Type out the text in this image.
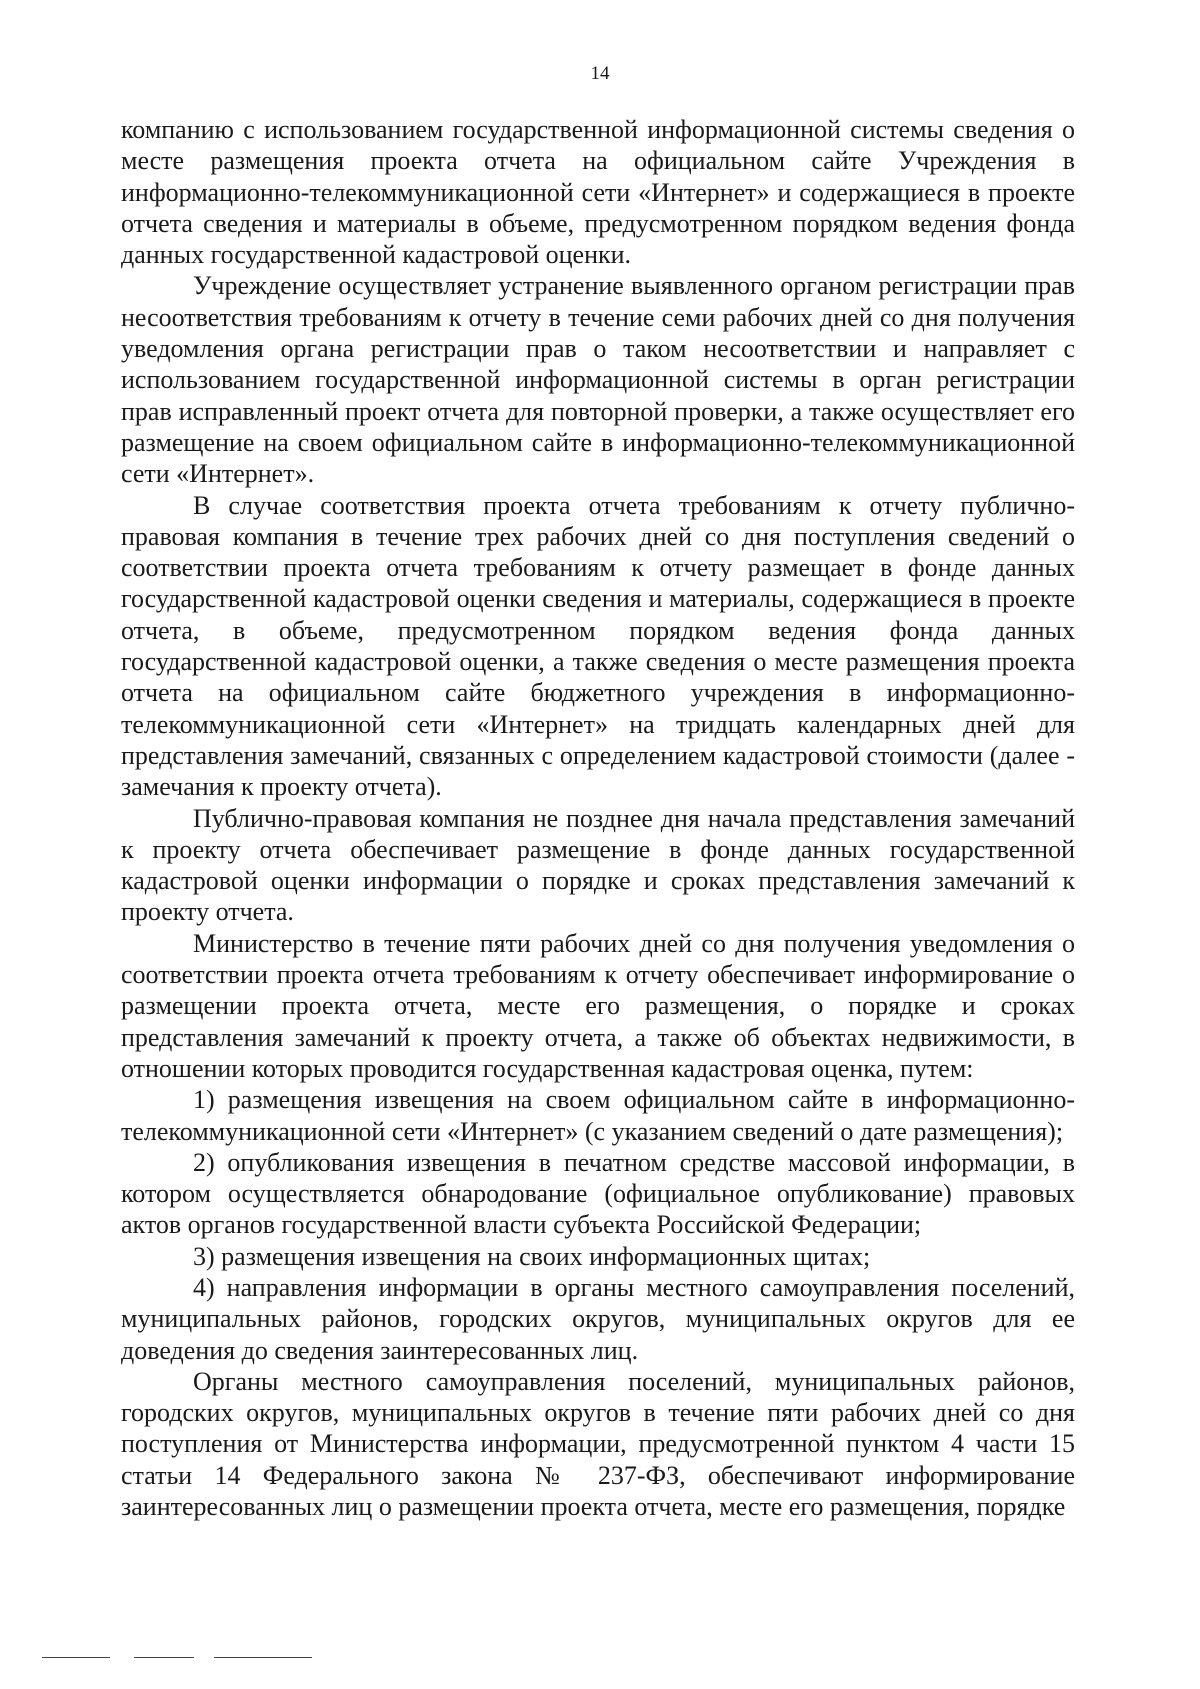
14

компанию с использованием государственной информационной системы сведения о месте размещения проекта отчета на официальном сайте Учреждения в информационно-телекоммуникационной сети «Интернет» и содержащиеся в проекте отчета сведения и материалы в объеме, предусмотренном порядком ведения фонда данных государственной кадастровой оценки.

Учреждение осуществляет устранение выявленного органом регистрации прав несоответствия требованиям к отчету в течение семи рабочих дней со дня получения уведомления органа регистрации прав о таком несоответствии и направляет с использованием государственной информационной системы в орган регистрации прав исправленный проект отчета для повторной проверки, а также осуществляет его размещение на своем официальном сайте в информационно-телекоммуникационной сети «Интернет».

В случае соответствия проекта отчета требованиям к отчету публично-правовая компания в течение трех рабочих дней со дня поступления сведений о соответствии проекта отчета требованиям к отчету размещает в фонде данных государственной кадастровой оценки сведения и материалы, содержащиеся в проекте отчета, в объеме, предусмотренном порядком ведения фонда данных государственной кадастровой оценки, а также сведения о месте размещения проекта отчета на официальном сайте бюджетного учреждения в информационно-телекоммуникационной сети «Интернет» на тридцать календарных дней для представления замечаний, связанных с определением кадастровой стоимости (далее - замечания к проекту отчета).

Публично-правовая компания не позднее дня начала представления замечаний к проекту отчета обеспечивает размещение в фонде данных государственной кадастровой оценки информации о порядке и сроках представления замечаний к проекту отчета.

Министерство в течение пяти рабочих дней со дня получения уведомления о соответствии проекта отчета требованиям к отчету обеспечивает информирование о размещении проекта отчета, месте его размещения, о порядке и сроках представления замечаний к проекту отчета, а также об объектах недвижимости, в отношении которых проводится государственная кадастровая оценка, путем:

1) размещения извещения на своем официальном сайте в информационно-телекоммуникационной сети «Интернет» (с указанием сведений о дате размещения);

2) опубликования извещения в печатном средстве массовой информации, в котором осуществляется обнародование (официальное опубликование) правовых актов органов государственной власти субъекта Российской Федерации;

3) размещения извещения на своих информационных щитах;

4) направления информации в органы местного самоуправления поселений, муниципальных районов, городских округов, муниципальных округов для ее доведения до сведения заинтересованных лиц.

Органы местного самоуправления поселений, муниципальных районов, городских округов, муниципальных округов в течение пяти рабочих дней со дня поступления от Министерства информации, предусмотренной пунктом 4 части 15 статьи 14 Федерального закона № 237-ФЗ, обеспечивают информирование заинтересованных лиц о размещении проекта отчета, месте его размещения, порядке
